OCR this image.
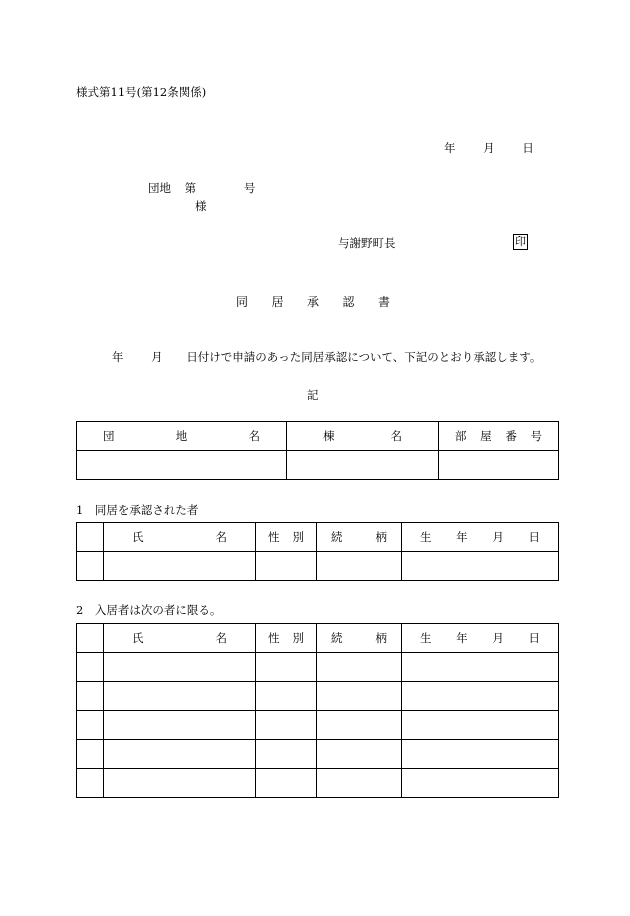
様式第11号(第12条関係)
年 月 日
団地 第	号
様
与謝野町長	印
同 居 承 認 書
年 月 日付けで申請のあった同居承認について、下記のとおり承認します。
記
団 地 名	棟 名	部 屋 番 号

1　同居を承認された者

	氏 名	性 別	続 柄	生 年 月 日

2　入居者は次の者に限る。

	氏 名	性 別	続 柄	生 年 月 日
